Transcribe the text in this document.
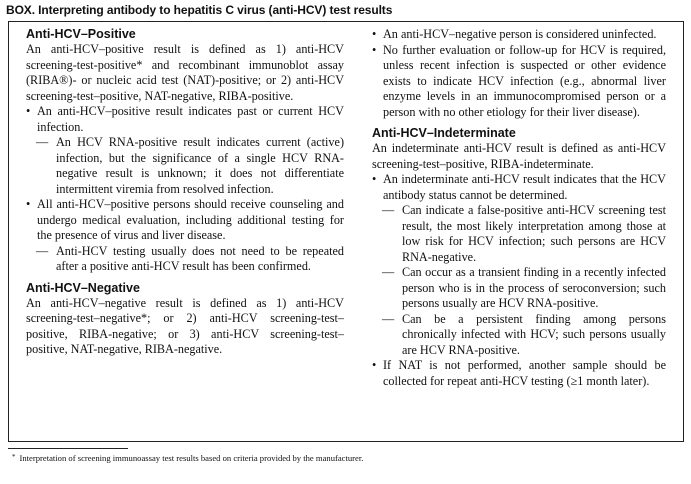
BOX. Interpreting antibody to hepatitis C virus (anti-HCV) test results

Anti-HCV–Positive

An anti-HCV–positive result is defined as 1) anti-HCV screening-test-positive* and recombinant immunoblot assay (RIBA®)- or nucleic acid test (NAT)-positive; or 2) anti-HCV screening-test–positive, NAT-negative, RIBA-positive.

• An anti-HCV–positive result indicates past or current HCV infection.

— An HCV RNA-positive result indicates current (active) infection, but the significance of a single HCV RNA-negative result is unknown; it does not differentiate intermittent viremia from resolved infection.

• All anti-HCV–positive persons should receive counseling and undergo medical evaluation, including additional testing for the presence of virus and liver disease.

— Anti-HCV testing usually does not need to be repeated after a positive anti-HCV result has been confirmed.

Anti-HCV–Negative

An anti-HCV–negative result is defined as 1) anti-HCV screening-test–negative*; or 2) anti-HCV screening-test–positive, RIBA-negative; or 3) anti-HCV screening-test–positive, NAT-negative, RIBA-negative.

• An anti-HCV–negative person is considered uninfected.

• No further evaluation or follow-up for HCV is required, unless recent infection is suspected or other evidence exists to indicate HCV infection (e.g., abnormal liver enzyme levels in an immunocompromised person or a person with no other etiology for their liver disease).

Anti-HCV–Indeterminate

An indeterminate anti-HCV result is defined as anti-HCV screening-test–positive, RIBA-indeterminate.

• An indeterminate anti-HCV result indicates that the HCV antibody status cannot be determined.

— Can indicate a false-positive anti-HCV screening test result, the most likely interpretation among those at low risk for HCV infection; such persons are HCV RNA-negative.

— Can occur as a transient finding in a recently infected person who is in the process of seroconversion; such persons usually are HCV RNA-positive.

— Can be a persistent finding among persons chronically infected with HCV; such persons usually are HCV RNA-positive.

• If NAT is not performed, another sample should be collected for repeat anti-HCV testing (≥1 month later).

* Interpretation of screening immunoassay test results based on criteria provided by the manufacturer.
